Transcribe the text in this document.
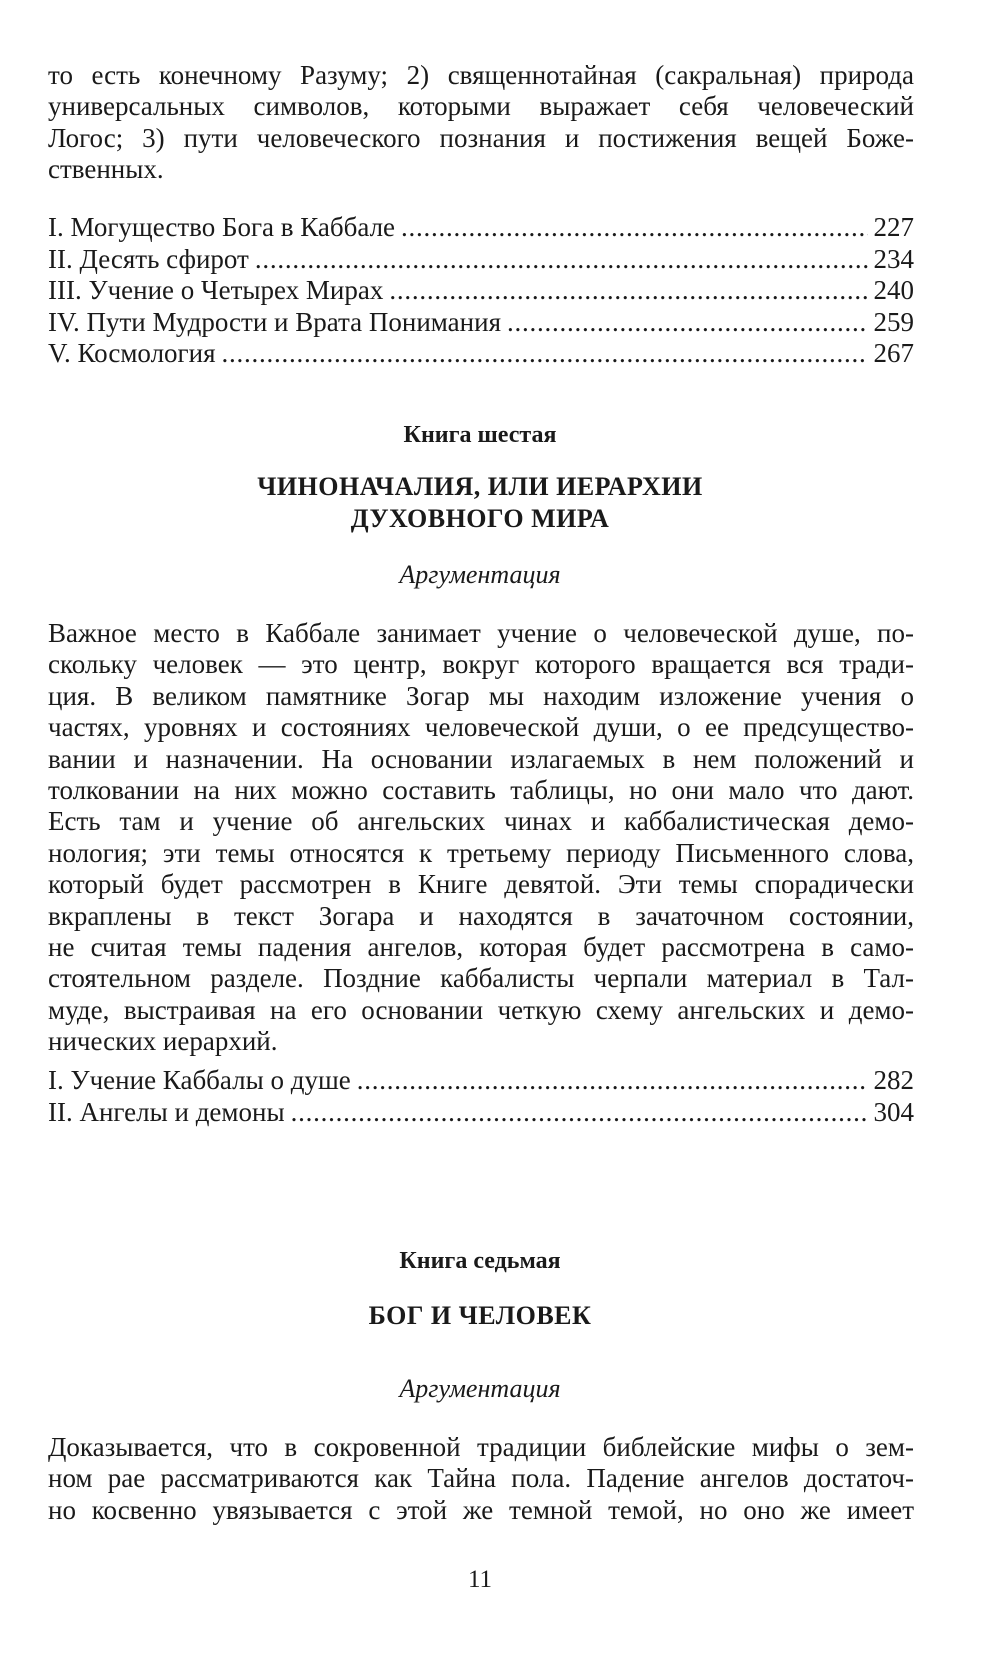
то есть конечному Разуму; 2) священнотайная (сакральная) природа

универсальных символов, которыми выражает себя человеческий

Логос; 3) пути человеческого познания и постижения вещей Боже-

ственных.

I. Могущество Бога в Каббале . . .	227
II. Десять сфирот . . .	234
III. Учение о Четырех Мирах . . .	240
IV. Пути Мудрости и Врата Понимания . . .	259
V. Космология . . .	267

Книга шестая

ЧИНОНАЧАЛИЯ, ИЛИ ИЕРАРХИИ
ДУХОВНОГО МИРА

Аргументация

Важное место в Каббале занимает учение о человеческой душе, по-

скольку человек — это центр, вокруг которого вращается вся тради-

ция. В великом памятнике Зогар мы находим изложение учения о

частях, уровнях и состояниях человеческой души, о ее предсущество-

вании и назначении. На основании излагаемых в нем положений и

толковании на них можно составить таблицы, но они мало что дают.

Есть там и учение об ангельских чинах и каббалистическая демо-

нология; эти темы относятся к третьему периоду Письменного слова,

который будет рассмотрен в Книге девятой. Эти темы спорадически

вкраплены в текст Зогара и находятся в зачаточном состоянии,

не считая темы падения ангелов, которая будет рассмотрена в само-

стоятельном разделе. Поздние каббалисты черпали материал в Тал-

муде, выстраивая на его основании четкую схему ангельских и демо-

нических иерархий.

I. Учение Каббалы о душе . . .	282
II. Ангелы и демоны . . .	304

Книга седьмая

БОГ И ЧЕЛОВЕК

Аргументация

Доказывается, что в сокровенной традиции библейские мифы о зем-

ном рае рассматриваются как Тайна пола. Падение ангелов достаточ-

но косвенно увязывается с этой же темной темой, но оно же имеет

11
